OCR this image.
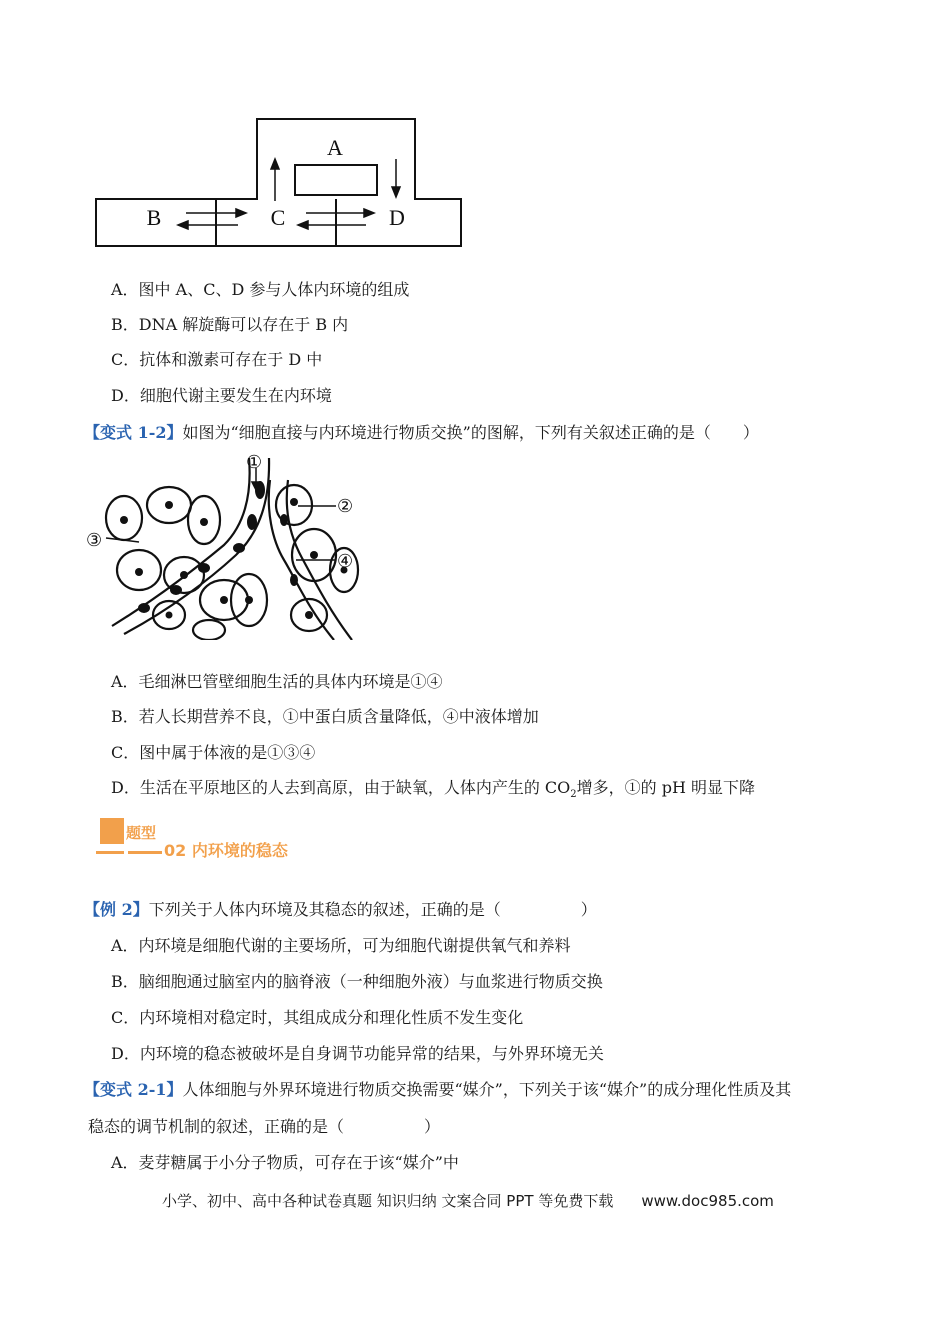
A
B	C	D
A．图中 A、C、D 参与人体内环境的组成
B．DNA 解旋酶可以存在于 B 内
C．抗体和激素可存在于 D 中
D．细胞代谢主要发生在内环境
【变式 1-2】如图为“细胞直接与内环境进行物质交换”的图解，下列有关叙述正确的是（　　）
①
②
③
④
A．毛细淋巴管壁细胞生活的具体内环境是①④
B．若人长期营养不良，①中蛋白质含量降低，④中液体增加
C．图中属于体液的是①③④
D．生活在平原地区的人去到高原，由于缺氧，人体内产生的 $CO_2$增多，①的 pH 明显下降
题型
02 内环境的稳态
【例 2】下列关于人体内环境及其稳态的叙述，正确的是（　　　　　）
A．内环境是细胞代谢的主要场所，可为细胞代谢提供氧气和养料
B．脑细胞通过脑室内的脑脊液（一种细胞外液）与血浆进行物质交换
C．内环境相对稳定时，其组成成分和理化性质不发生变化
D．内环境的稳态被破坏是自身调节功能异常的结果，与外界环境无关
【变式 2-1】人体细胞与外界环境进行物质交换需要“媒介”，下列关于该“媒介”的成分理化性质及其
稳态的调节机制的叙述，正确的是（　　　　　）
A．麦芽糖属于小分子物质，可存在于该“媒介”中
小学、初中、高中各种试卷真题 知识归纳 文案合同 PPT 等免费下载 www.doc985.com
